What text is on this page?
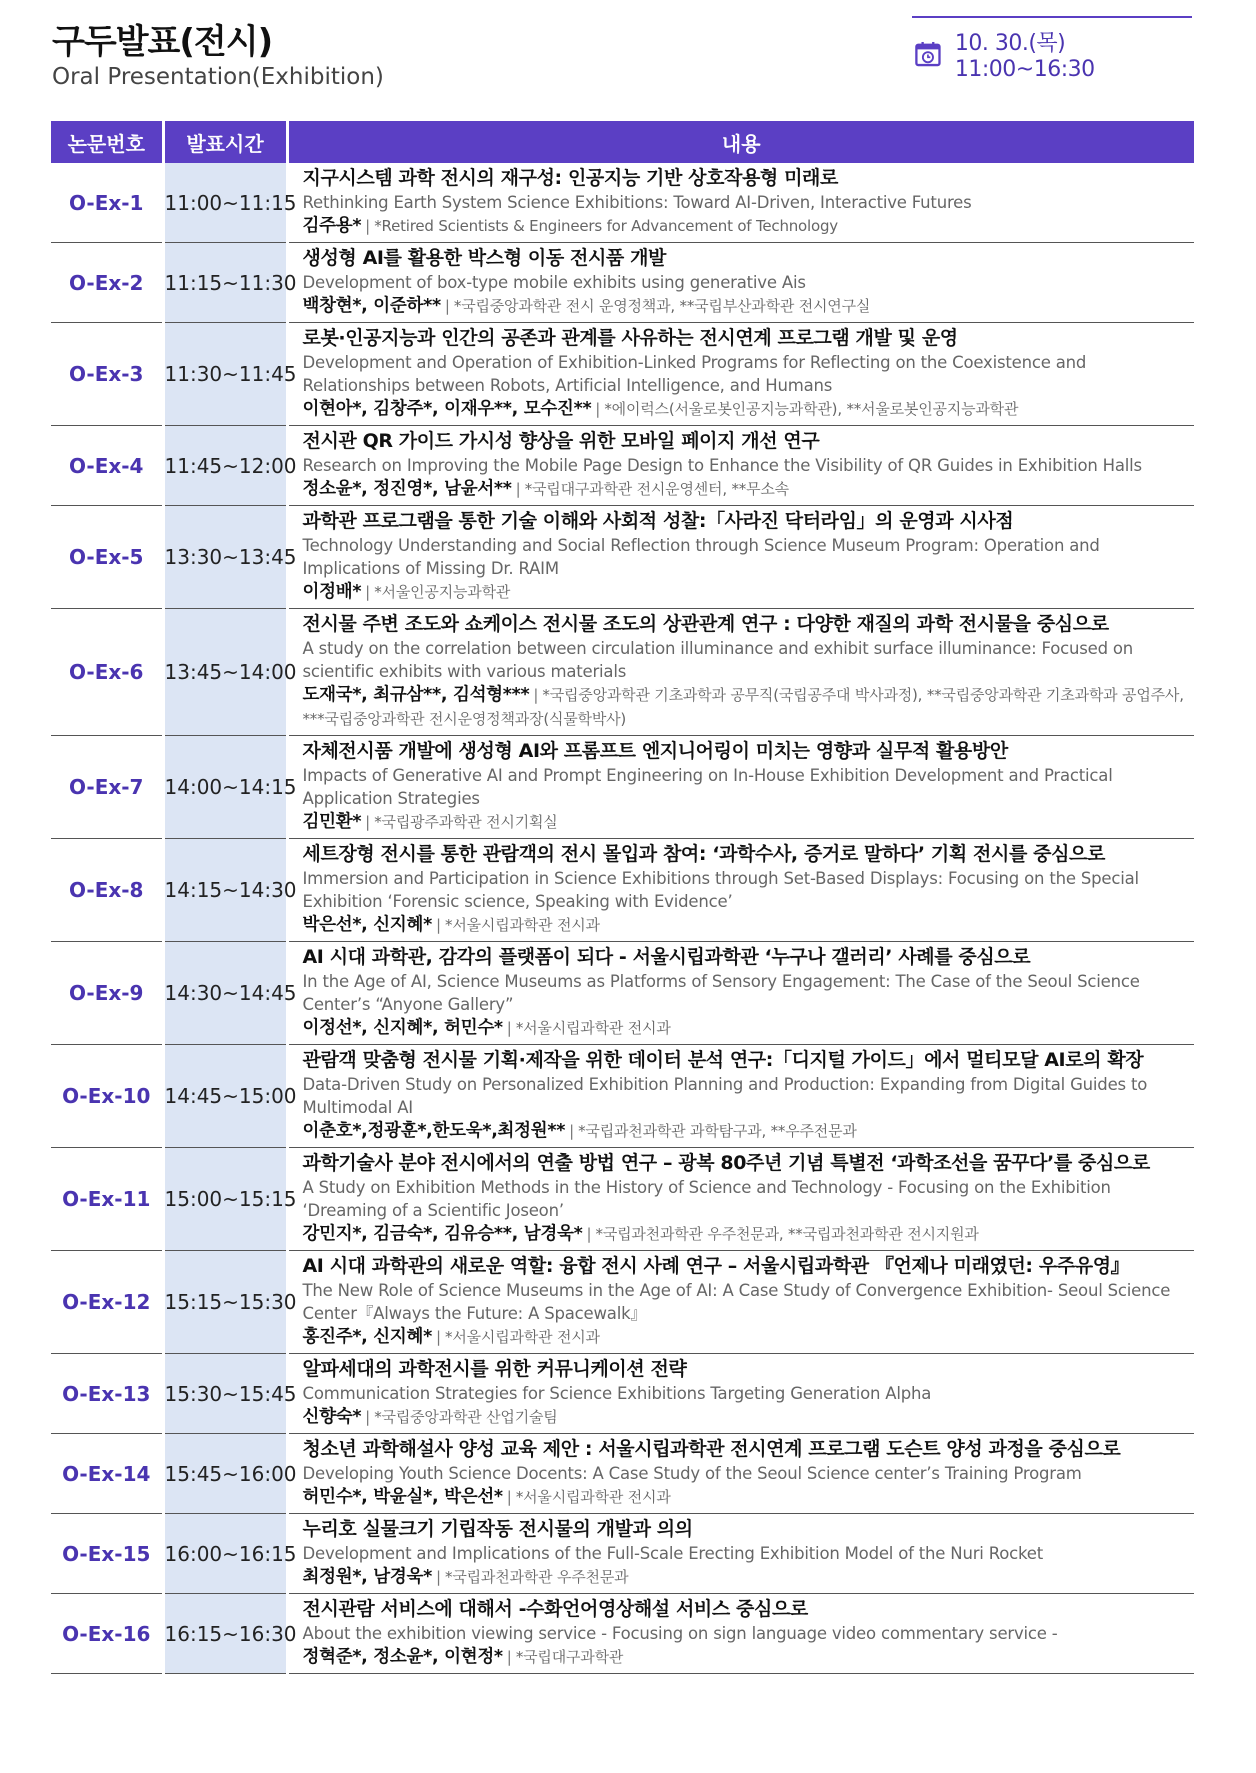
구두발표(전시)
Oral Presentation(Exhibition)
10. 30.(목) 11:00~16:30
논문번호	발표시간	내용
O-Ex-1	11:00~11:15	지구시스템 과학 전시의 재구성: 인공지능 기반 상호작용형 미래로
Rethinking Earth System Science Exhibitions: Toward AI-Driven, Interactive Futures
김주용* | *Retired Scientists & Engineers for Advancement of Technology

O-Ex-2	11:15~11:30	생성형 AI를 활용한 박스형 이동 전시품 개발
Development of box-type mobile exhibits using generative Ais
백창현*, 이준하** | *국립중앙과학관 전시 운영정책과, **국립부산과학관 전시연구실

O-Ex-3	11:30~11:45	로봇·인공지능과 인간의 공존과 관계를 사유하는 전시연계 프로그램 개발 및 운영
Development and Operation of Exhibition-Linked Programs for Reflecting on the Coexistence and Relationships between Robots, Artificial Intelligence, and Humans
이현아*, 김창주*, 이재우**, 모수진** | *에이럭스(서울로봇인공지능과학관), **서울로봇인공지능과학관

O-Ex-4	11:45~12:00	전시관 QR 가이드 가시성 향상을 위한 모바일 페이지 개선 연구
Research on Improving the Mobile Page Design to Enhance the Visibility of QR Guides in Exhibition Halls
정소윤*, 정진영*, 남윤서** | *국립대구과학관 전시운영센터, **무소속

O-Ex-5	13:30~13:45	과학관 프로그램을 통한 기술 이해와 사회적 성찰:「사라진 닥터라임」의 운영과 시사점
Technology Understanding and Social Reflection through Science Museum Program: Operation and Implications of Missing Dr. RAIM
이정배* | *서울인공지능과학관

O-Ex-6	13:45~14:00	전시물 주변 조도와 쇼케이스 전시물 조도의 상관관계 연구 : 다양한 재질의 과학 전시물을 중심으로
A study on the correlation between circulation illuminance and exhibit surface illuminance: Focused on scientific exhibits with various materials
도재국*, 최규삼**, 김석형*** | *국립중앙과학관 기초과학과 공무직(국립공주대 박사과정), **국립중앙과학관 기초과학과 공업주사, ***국립중앙과학관 전시운영정책과장(식물학박사)

O-Ex-7	14:00~14:15	자체전시품 개발에 생성형 AI와 프롬프트 엔지니어링이 미치는 영향과 실무적 활용방안
Impacts of Generative AI and Prompt Engineering on In-House Exhibition Development and Practical Application Strategies
김민환* | *국립광주과학관 전시기획실

O-Ex-8	14:15~14:30	세트장형 전시를 통한 관람객의 전시 몰입과 참여: ‘과학수사, 증거로 말하다’ 기획 전시를 중심으로
Immersion and Participation in Science Exhibitions through Set-Based Displays: Focusing on the Special Exhibition ‘Forensic science, Speaking with Evidence’
박은선*, 신지혜* | *서울시립과학관 전시과

O-Ex-9	14:30~14:45	AI 시대 과학관, 감각의 플랫폼이 되다 - 서울시립과학관 ‘누구나 갤러리’ 사례를 중심으로
In the Age of AI, Science Museums as Platforms of Sensory Engagement: The Case of the Seoul Science Center’s “Anyone Gallery”
이정선*, 신지혜*, 허민수* | *서울시립과학관 전시과

O-Ex-10	14:45~15:00	관람객 맞춤형 전시물 기획·제작을 위한 데이터 분석 연구:「디지털 가이드」에서 멀티모달 AI로의 확장
Data-Driven Study on Personalized Exhibition Planning and Production: Expanding from Digital Guides to Multimodal AI
이춘호*,정광훈*,한도욱*,최정원** | *국립과천과학관 과학탐구과, **우주전문과

O-Ex-11	15:00~15:15	과학기술사 분야 전시에서의 연출 방법 연구 – 광복 80주년 기념 특별전 ‘과학조선을 꿈꾸다’를 중심으로
A Study on Exhibition Methods in the History of Science and Technology - Focusing on the Exhibition ‘Dreaming of a Scientific Joseon’
강민지*, 김금숙*, 김유승**, 남경욱* | *국립과천과학관 우주천문과, **국립과천과학관 전시지원과

O-Ex-12	15:15~15:30	AI 시대 과학관의 새로운 역할: 융합 전시 사례 연구 – 서울시립과학관 『언제나 미래였던: 우주유영』
The New Role of Science Museums in the Age of AI: A Case Study of Convergence Exhibition- Seoul Science Center『Always the Future: A Spacewalk』
홍진주*, 신지혜* | *서울시립과학관 전시과

O-Ex-13	15:30~15:45	알파세대의 과학전시를 위한 커뮤니케이션 전략
Communication Strategies for Science Exhibitions Targeting Generation Alpha
신향숙* | *국립중앙과학관 산업기술팀

O-Ex-14	15:45~16:00	청소년 과학해설사 양성 교육 제안 : 서울시립과학관 전시연계 프로그램 도슨트 양성 과정을 중심으로
Developing Youth Science Docents: A Case Study of the Seoul Science center’s Training Program
허민수*, 박윤실*, 박은선* | *서울시립과학관 전시과

O-Ex-15	16:00~16:15	누리호 실물크기 기립작동 전시물의 개발과 의의
Development and Implications of the Full-Scale Erecting Exhibition Model of the Nuri Rocket
최정원*, 남경욱* | *국립과천과학관 우주천문과

O-Ex-16	16:15~16:30	전시관람 서비스에 대해서 -수화언어영상해설 서비스 중심으로
About the exhibition viewing service - Focusing on sign language video commentary service -
정혁준*, 정소윤*, 이현정* | *국립대구과학관
